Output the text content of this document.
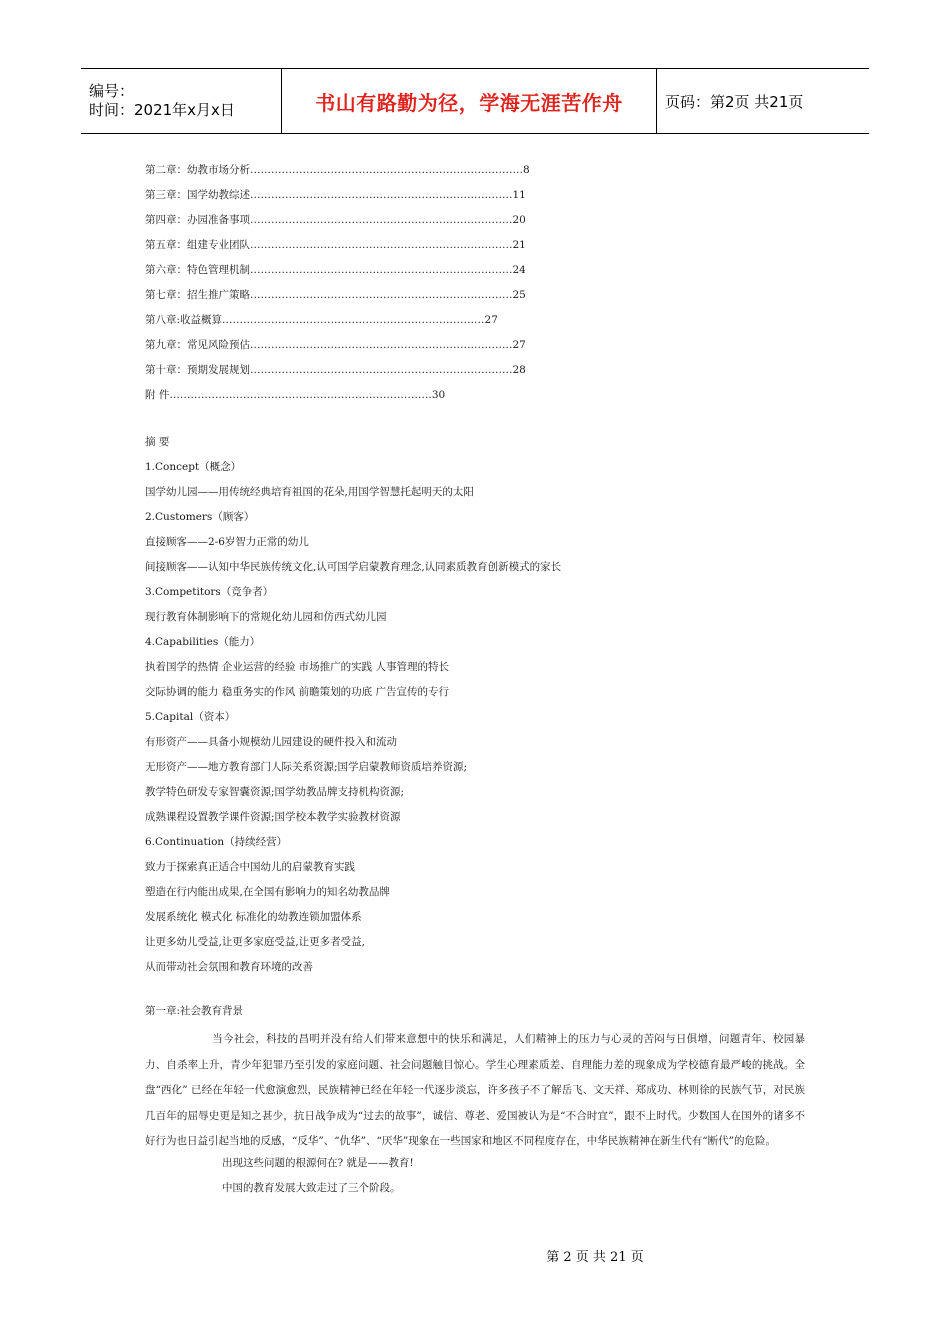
编号：
时间：2021年x月x日	书山有路勤为径，学海无涯苦作舟	页码：第2页 共21页
第二章：幼教市场分析……………………………………………………………………8
第三章：国学幼教综述…………………………………………………………………11
第四章：办园准备事项…………………………………………………………………20
第五章：组建专业团队…………………………………………………………………21
第六章：特色管理机制…………………………………………………………………24
第七章：招生推广策略…………………………………………………………………25
第八章:收益概算…………………………………………………………………27
第九章：常见风险预估…………………………………………………………………27
第十章：预期发展规划…………………………………………………………………28
附 件…………………………………………………………………30
摘 要
1.Concept（概念）
国学幼儿园——用传统经典培育祖国的花朵,用国学智慧托起明天的太阳
2.Customers（顾客）
直接顾客——2-6岁智力正常的幼儿
间接顾客——认知中华民族传统文化,认可国学启蒙教育理念,认同素质教育创新模式的家长
3.Competitors（竞争者）
现行教育体制影响下的常规化幼儿园和仿西式幼儿园
4.Capabilities（能力）
执着国学的热情 企业运营的经验 市场推广的实践 人事管理的特长
交际协调的能力 稳重务实的作风 前瞻策划的功底 广告宣传的专行
5.Capital（资本）
有形资产——具备小规模幼儿园建设的硬件投入和流动
无形资产——地方教育部门人际关系资源;国学启蒙教师资质培养资源;
教学特色研发专家智囊资源;国学幼教品牌支持机构资源;
成熟课程设置教学课件资源;国学校本教学实验教材资源
6.Continuation（持续经营）
致力于探索真正适合中国幼儿的启蒙教育实践
塑造在行内能出成果,在全国有影响力的知名幼教品牌
发展系统化 模式化 标准化的幼教连锁加盟体系
让更多幼儿受益,让更多家庭受益,让更多者受益,
从而带动社会氛围和教育环境的改善
第一章:社会教育背景
当今社会，科技的昌明并没有给人们带来意想中的快乐和满足，人们精神上的压力与心灵的苦闷与日俱增，问题青年、校园暴力、自杀率上升，青少年犯罪乃至引发的家庭问题、社会问题触目惊心。学生心理素质差、自理能力差的现象成为学校德育最严峻的挑战。全盘“西化” 已经在年轻一代愈演愈烈，民族精神已经在年轻一代逐步淡忘，许多孩子不了解岳飞、文天祥、郑成功、林则徐的民族气节，对民族几百年的屈辱史更是知之甚少，抗日战争成为“过去的故事”，诚信、尊老、爱国被认为是“不合时宜”，跟不上时代。少数国人在国外的诸多不好行为也日益引起当地的反感，“反华”、“仇华”、“厌华”现象在一些国家和地区不同程度存在，中华民族精神在新生代有“断代”的危险。
出现这些问题的根源何在? 就是——教育!
中国的教育发展大致走过了三个阶段。
第 2 页 共 21 页
